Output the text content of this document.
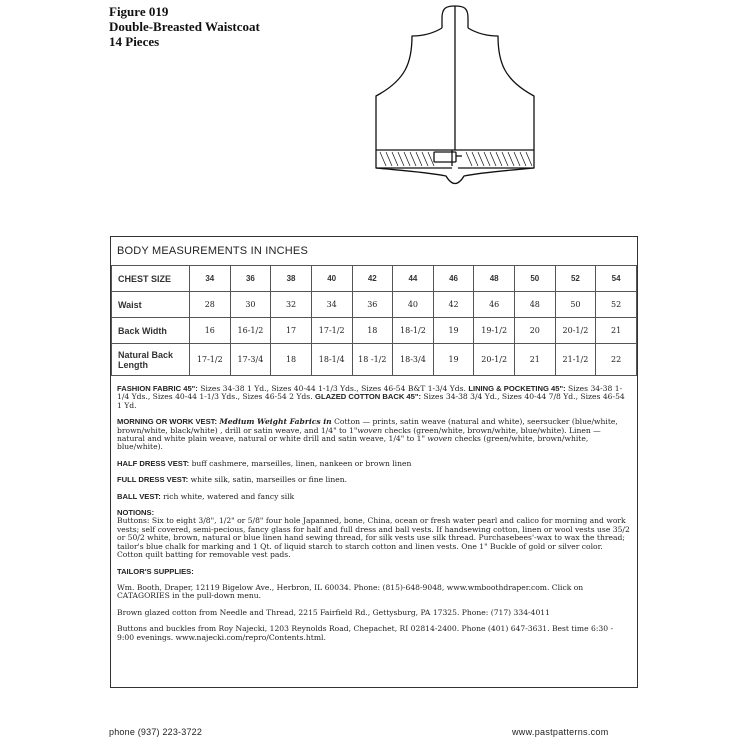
Figure 019
Double-Breasted Waistcoat
14 Pieces
BODY MEASUREMENTS IN INCHES
CHEST SIZE	34	36	38	40	42	44	46	48	50	52	54
Waist	28	30	32	34	36	40	42	46	48	50	52
Back Width	16	16-1/2	17	17-1/2	18	18-1/2	19	19-1/2	20	20-1/2	21
Natural Back Length	17-1/2	17-3/4	18	18-1/4	18 -1/2	18-3/4	19	20-1/2	21	21-1/2	22

FASHION FABRIC 45": Sizes 34-38 1 Yd., Sizes 40-44 1-1/3 Yds., Sizes 46-54 B&T 1-3/4 Yds. LINING & POCKETING 45": Sizes 34-38 1-1/4 Yds., Sizes 40-44 1-1/3 Yds., Sizes 46-54 2 Yds. GLAZED COTTON BACK 45": Sizes 34-38 3/4 Yd., Sizes 40-44 7/8 Yd., Sizes 46-54 1 Yd.

MORNING OR WORK VEST: Medium Weight Fabrics in Cotton — prints, satin weave (natural and white), seersucker (blue/white, brown/white, black/white) , drill or satin weave, and 1/4" to 1"woven checks (green/white, brown/white, blue/white). Linen — natural and white plain weave, natural or white drill and satin weave, 1/4" to 1" woven checks (green/white, brown/white, blue/white).

HALF DRESS VEST: buff cashmere, marseilles, linen, nankeen or brown linen

FULL DRESS VEST: white silk, satin, marseilles or fine linen.

BALL VEST: rich white, watered and fancy silk

NOTIONS:
Buttons: Six to eight 3/8", 1/2" or 5/8" four hole Japanned, bone, China, ocean or fresh water pearl and calico for morning and work vests; self covered, semi-pecious, fancy glass for half and full dress and ball vests. If handsewing cotton, linen or wool vests use 35/2 or 50/2 white, brown, natural or blue linen hand sewing thread, for silk vests use silk thread. Purchasebees'-wax to wax the thread; tailor's blue chalk for marking and 1 Qt. of liquid starch to starch cotton and linen vests. One 1" Buckle of gold or silver color. Cotton quilt batting for removable vest pads.

TAILOR'S SUPPLIES:

Wm. Booth, Draper, 12119 Bigelow Ave., Herbron, IL 60034. Phone: (815)-648-9048, www.wmboothdraper.com. Click on CATAGORIES in the pull-down menu.

Brown glazed cotton from Needle and Thread, 2215 Fairfield Rd., Gettysburg, PA 17325. Phone: (717) 334-4011

Buttons and buckles from Roy Najecki, 1203 Reynolds Road, Chepachet, RI 02814-2400. Phone (401) 647-3631. Best time 6:30 - 9:00 evenings. www.najecki.com/repro/Contents.html.

phone (937) 223-3722	www.pastpatterns.com
